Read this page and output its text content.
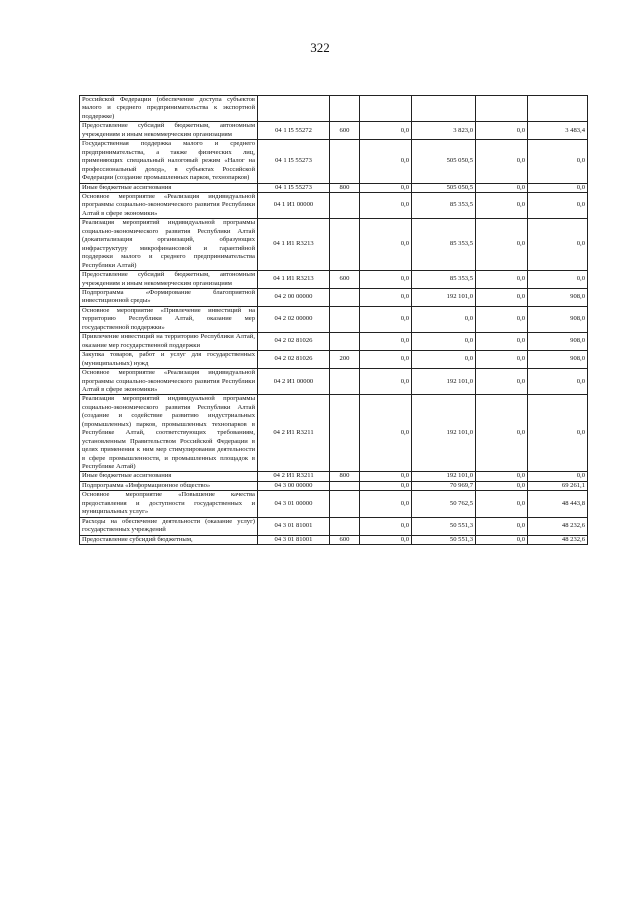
322
Российской Федерации (обеспечение доступа субъектов малого и среднего предпринимательства к экспортной поддержке)						
Предоставление субсидий бюджетным, автономным учреждениям и иным некоммерческим организациям	04 1 I5 55272	600	0,0	3 823,0	0,0	3 483,4
Государственная поддержка малого и среднего предпринимательства, а также физических лиц, применяющих специальный налоговый режим «Налог на профессиональный доход», в субъектах Российской Федерации (создание промышленных парков, технопарков)	04 1 I5 55273		0,0	505 050,5	0,0	0,0
Иные бюджетные ассигнования	04 1 I5 55273	800	0,0	505 050,5	0,0	0,0
Основное мероприятие «Реализация индивидуальной программы социально-экономического развития Республики Алтай в сфере экономики»	04 1 И1 00000		0,0	85 353,5	0,0	0,0
Реализация мероприятий индивидуальной программы социально-экономического развития Республики Алтай (докапитализация организаций, образующих инфраструктуру микрофинансовой и гарантийной поддержки малого и среднего предпринимательства Республики Алтай)	04 1 И1 R3213		0,0	85 353,5	0,0	0,0
Предоставление субсидий бюджетным, автономным учреждениям и иным некоммерческим организациям	04 1 И1 R3213	600	0,0	85 353,5	0,0	0,0
Подпрограмма «Формирование благоприятной инвестиционной среды»	04 2 00 00000		0,0	192 101,0	0,0	908,0
Основное мероприятие «Привлечение инвестиций на территорию Республики Алтай, оказание мер государственной поддержки»	04 2 02 00000		0,0	0,0	0,0	908,0
Привлечение инвестиций на территорию Республики Алтай, оказание мер государственной поддержки	04 2 02 81026		0,0	0,0	0,0	908,0
Закупка товаров, работ и услуг для государственных (муниципальных) нужд	04 2 02 81026	200	0,0	0,0	0,0	908,0
Основное мероприятие «Реализация индивидуальной программы социально-экономического развития Республики Алтай в сфере экономики»	04 2 И1 00000		0,0	192 101,0	0,0	0,0
Реализация мероприятий индивидуальной программы социально-экономического развития Республики Алтай (создание и содействие развитию индустриальных (промышленных) парков, промышленных технопарков в Республике Алтай, соответствующих требованиям, установленным Правительством Российской Федерации в целях применения к ним мер стимулирования деятельности в сфере промышленности, и промышленных площадок в Республике Алтай)	04 2 И1 R3211		0,0	192 101,0	0,0	0,0
Иные бюджетные ассигнования	04 2 И1 R3211	800	0,0	192 101,0	0,0	0,0
Подпрограмма «Информационное общество»	04 3 00 00000		0,0	70 969,7	0,0	69 261,1
Основное мероприятие «Повышение качества предоставления и доступности государственных и муниципальных услуг»	04 3 01 00000		0,0	50 762,5	0,0	48 443,8
Расходы на обеспечение деятельности (оказание услуг) государственных учреждений	04 3 01 81001		0,0	50 551,3	0,0	48 232,6
Предоставление субсидий бюджетным,	04 3 01 81001	600	0,0	50 551,3	0,0	48 232,6
